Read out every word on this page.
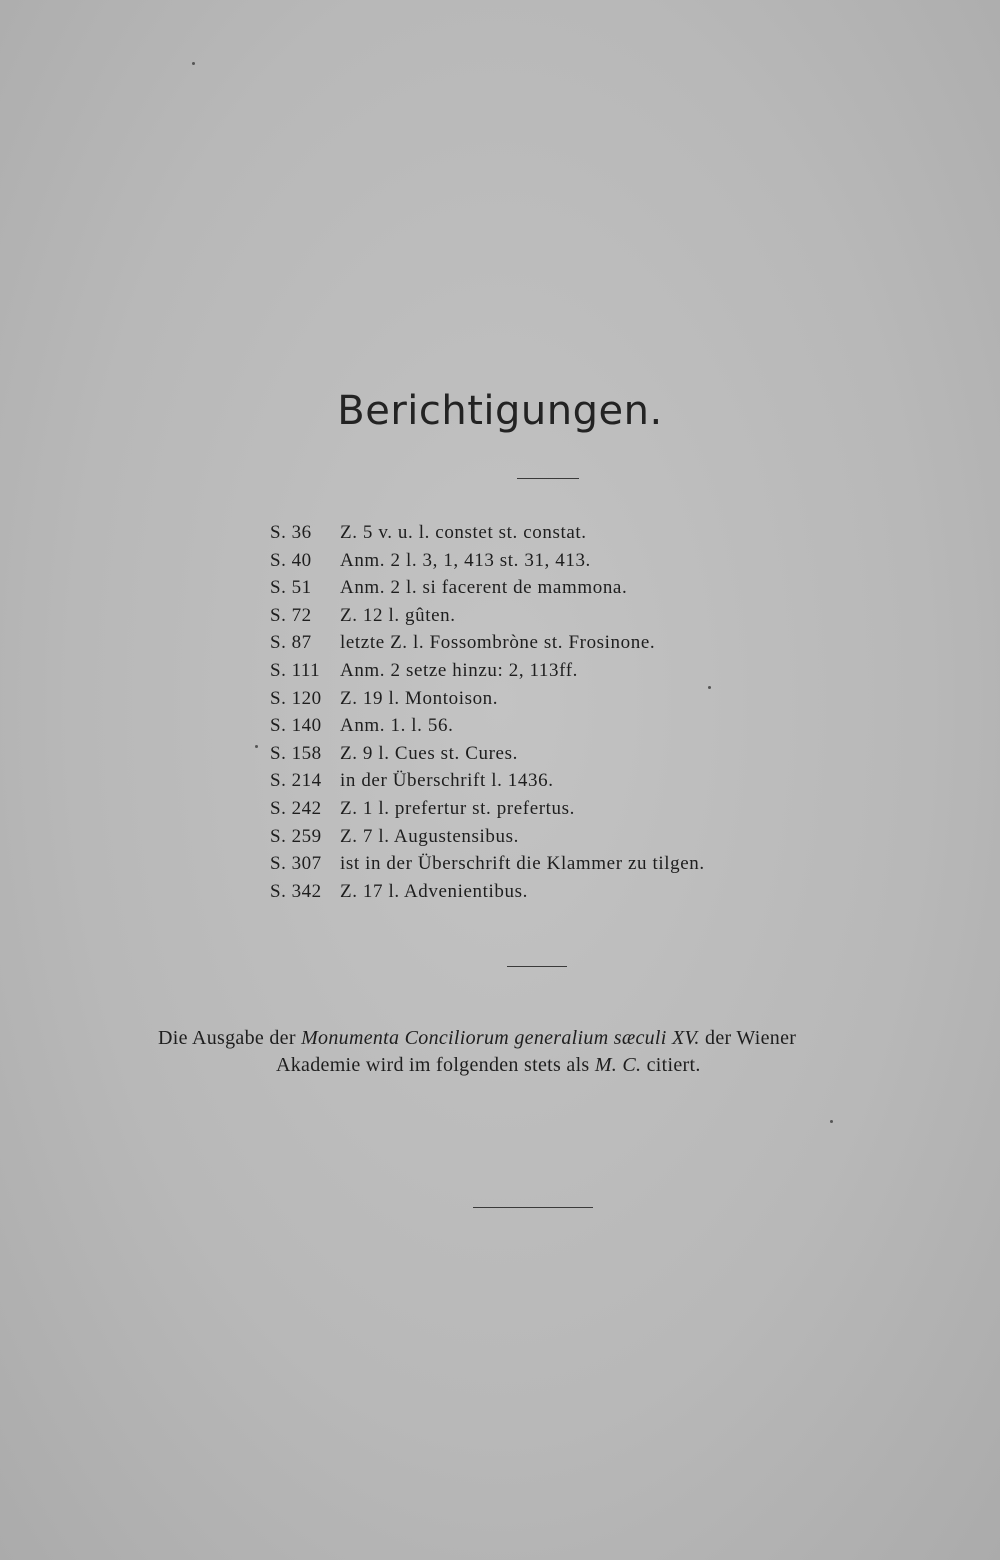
Berichtigungen.
S. 36 Z. 5 v. u. l. constet st. constat.
S. 40 Anm. 2 l. 3, 1, 413 st. 31, 413.
S. 51 Anm. 2 l. si facerent de mammona.
S. 72 Z. 12 l. gûten.
S. 87 letzte Z. l. Fossombròne st. Frosinone.
S. 111 Anm. 2 setze hinzu: 2, 113ff.
S. 120 Z. 19 l. Montoison.
S. 140 Anm. 1. l. 56.
S. 158 Z. 9 l. Cues st. Cures.
S. 214 in der Überschrift l. 1436.
S. 242 Z. 1 l. prefertur st. prefertus.
S. 259 Z. 7 l. Augustensibus.
S. 307 ist in der Überschrift die Klammer zu tilgen.
S. 342 Z. 17 l. Advenientibus.

Die Ausgabe der Monumenta Conciliorum generalium sæculi XV. der Wiener
Akademie wird im folgenden stets als M. C. citiert.
